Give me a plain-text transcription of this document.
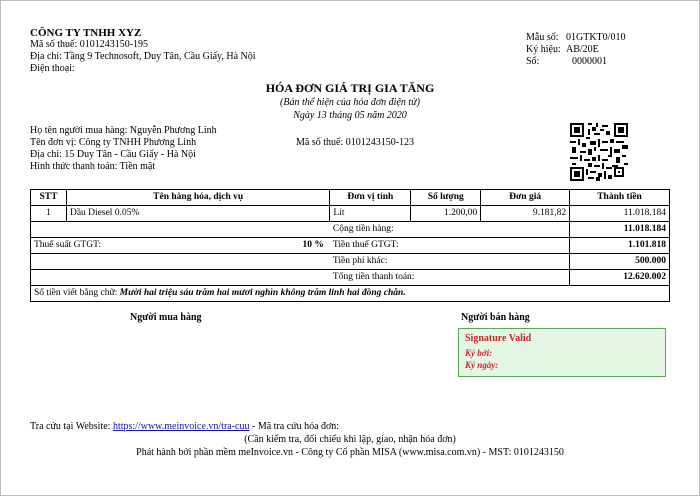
CÔNG TY TNHH XYZ
Mã số thuế: 0101243150-195
Địa chỉ: Tầng 9 Technosoft, Duy Tân, Cầu Giấy, Hà Nội
Điện thoại:
Mẫu số: 01GTKT0/010
Ký hiệu: AB/20E
Số:	0000001
HÓA ĐƠN GIÁ TRỊ GIA TĂNG
(Bản thể hiện của hóa đơn điện tử)
Ngày 13 tháng 05 năm 2020
Họ tên người mua hàng: Nguyễn Phương Linh
Tên đơn vị: Công ty TNHH Phương Linh	Mã số thuế: 0101243150-123
Địa chỉ: 15 Duy Tân - Cầu Giấy - Hà Nội
Hình thức thanh toán: Tiền mặt
STT	Tên hàng hóa, dịch vụ	Đơn vị tính	Số lượng	Đơn giá	Thành tiền
1	Dầu Diesel 0.05%	Lít	1.200,00	9.181,82	11.018.184
		Cộng tiền hàng:			11.018.184
Thuế suất GTGT: 10 %		Tiền thuế GTGT:			1.101.818
		Tiền phí khác:			500.000
		Tổng tiền thanh toán:			12.620.002
Số tiền viết bằng chữ: Mười hai triệu sáu trăm hai mươi nghìn không trăm linh hai đồng chẵn.					
Người mua hàng	Người bán hàng
Signature Valid
Ký bởi:
Ký ngày:
Tra cứu tại Website: https://www.meinvoice.vn/tra-cuu - Mã tra cứu hóa đơn:
(Cần kiểm tra, đối chiếu khi lập, giao, nhận hóa đơn)
Phát hành bởi phần mềm meInvoice.vn - Công ty Cổ phần MISA (www.misa.com.vn) - MST: 0101243150
